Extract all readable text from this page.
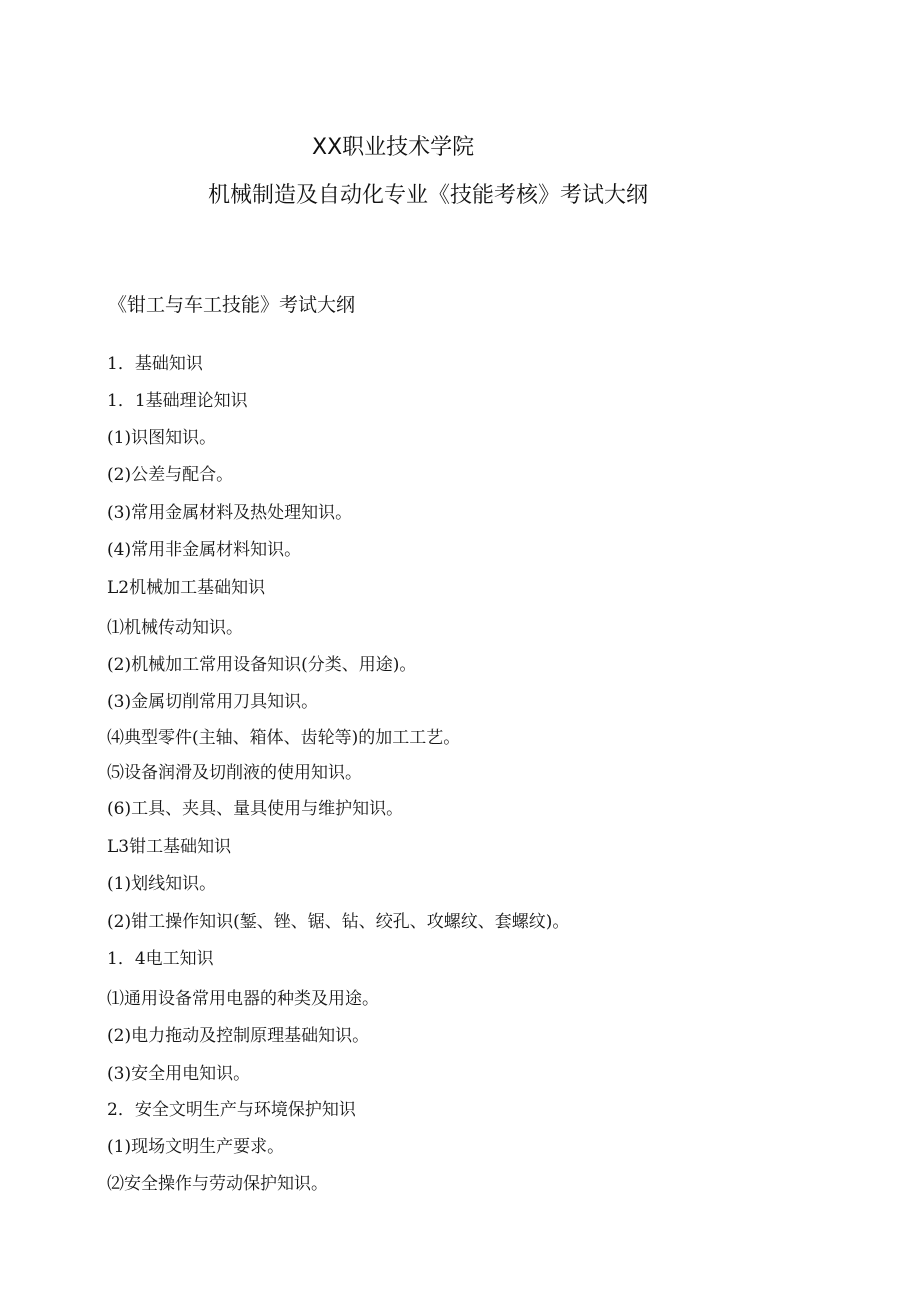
XX职业技术学院
机械制造及自动化专业《技能考核》考试大纲
《钳工与车工技能》考试大纲
1．基础知识
1．1基础理论知识
(1)识图知识。
(2)公差与配合。
(3)常用金属材料及热处理知识。
(4)常用非金属材料知识。
L2机械加工基础知识
⑴机械传动知识。
(2)机械加工常用设备知识(分类、用途)。
(3)金属切削常用刀具知识。
⑷典型零件(主轴、箱体、齿轮等)的加工工艺。
⑸设备润滑及切削液的使用知识。
(6)工具、夹具、量具使用与维护知识。
L3钳工基础知识
(1)划线知识。
(2)钳工操作知识(錾、锉、锯、钻、绞孔、攻螺纹、套螺纹)。
1．4电工知识
⑴通用设备常用电器的种类及用途。
(2)电力拖动及控制原理基础知识。
(3)安全用电知识。
2．安全文明生产与环境保护知识
(1)现场文明生产要求。
⑵安全操作与劳动保护知识。
